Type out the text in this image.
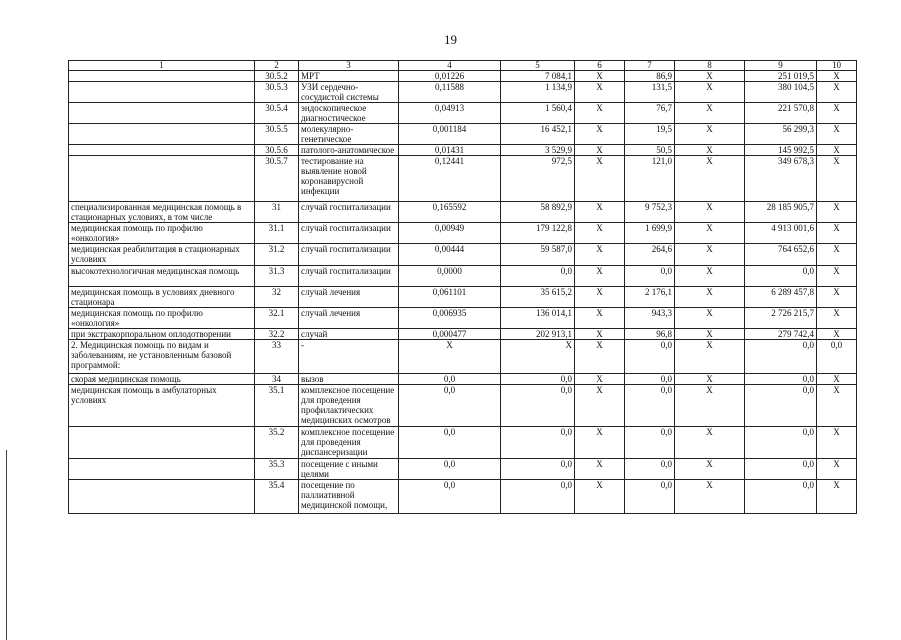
19
1	2	3	4	5	6	7	8	9	10
	30.5.2	МРТ	0,01226	7 084,1	X	86,9	X	251 019,5	X
	30.5.3	УЗИ сердечно-сосудистой системы	0,11588	1 134,9	X	131,5	X	380 104,5	X
	30.5.4	эндоскопическое диагностическое	0,04913	1 560,4	X	76,7	X	221 570,8	X
	30.5.5	молекулярно-генетическое	0,001184	16 452,1	X	19,5	X	56 299,3	X
	30.5.6	патолого-анатомическое	0,01431	3 529,9	X	50,5	X	145 992,5	X
	30.5.7	тестирование на выявление новой коронавирусной инфекции	0,12441	972,5	X	121,0	X	349 678,3	X
специализированная медицинская помощь в стационарных условиях, в том числе	31	случай госпитализации	0,165592	58 892,9	X	9 752,3	X	28 185 905,7	X
медицинская помощь по профилю «онкология»	31.1	случай госпитализации	0,00949	179 122,8	X	1 699,9	X	4 913 001,6	X
медицинская реабилитация в стационарных условиях	31.2	случай госпитализации	0,00444	59 587,0	X	264,6	X	764 652,6	X
высокотехнологичная медицинская помощь	31.3	случай госпитализации	0,0000	0,0	X	0,0	X	0,0	X
медицинская помощь в условиях дневного стационара	32	случай лечения	0,061101	35 615,2	X	2 176,1	X	6 289 457,8	X
медицинская помощь по профилю «онкология»	32.1	случай лечения	0,006935	136 014,1	X	943,3	X	2 726 215,7	X
при экстракорпоральном оплодотворении	32.2	случай	0,000477	202 913,1	X	96,8	X	279 742,4	X
2. Медицинская помощь по видам и заболеваниям, не установленным базовой программой:	33	-	X	X	X	0,0	X	0,0	0,0
скорая медицинская помощь	34	вызов	0,0	0,0	X	0,0	X	0,0	X
медицинская помощь в амбулаторных условиях	35.1	комплексное посещение для проведения профилактических медицинских осмотров	0,0	0,0	X	0,0	X	0,0	X
	35.2	комплексное посещение для проведения диспансеризации	0,0	0,0	X	0,0	X	0,0	X
	35.3	посещение с иными целями	0,0	0,0	X	0,0	X	0,0	X
	35.4	посещение по паллиативной медицинской помощи,	0,0	0,0	X	0,0	X	0,0	X
